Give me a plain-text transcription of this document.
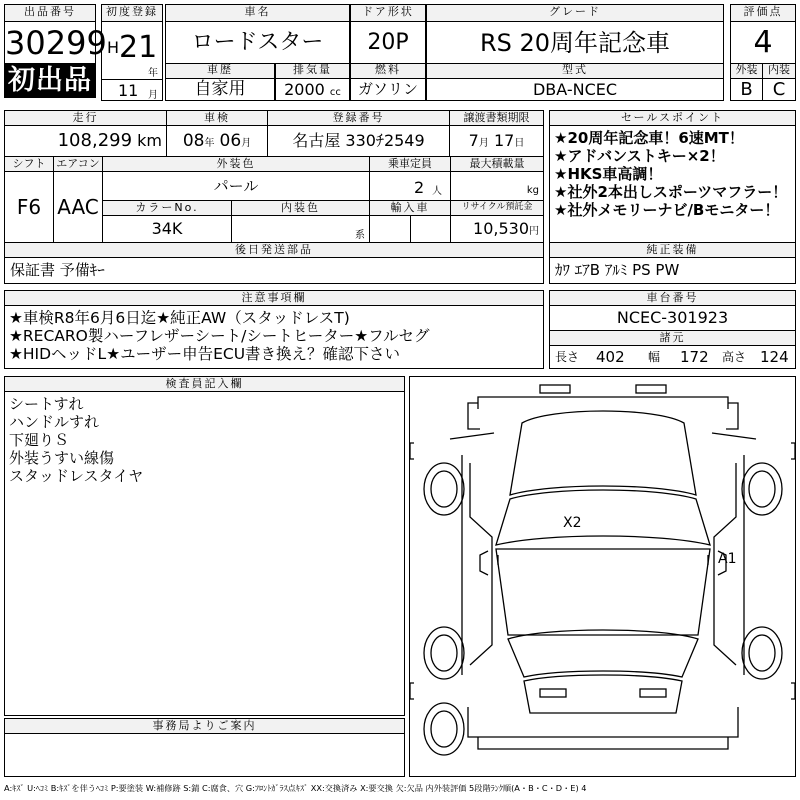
出品番号
30299
初出品
初度登録
H 21
年
11 月
車名
ロードスター
ドア形状
20P
グレード
RS 20周年記念車
評価点
4
車歴
自家用
排気量
2000 cc
燃料
ガソリン
型式
DBA-NCEC
外装 内装
B	C
走行
108,299 km
車検
08年 06月
登録番号
名古屋 330ﾁ2549
譲渡書類期限
7月 17日
シフト
F6
エアコン
AAC
外装色
パール
乗車定員
2 人
最大積載量
kg
カラーNo.
34K
内装色
系
輸入車	リサイクル預託金
10,530円
セールスポイント
★20周年記念車！6速MT！
★アドバンストキー×2！
★HKS車高調！
★社外2本出しスポーツマフラー！
★社外メモリーナビ/Bモニター！
後日発送部品
保証書 予備ｷｰ
純正装備
ｶﾜ ｴｱB ｱﾙﾐ PS PW
注意事項欄
★車検R8年6月6日迄★純正AW（スタッドレスT)
★RECARO製ハーフレザーシート/シートヒーター★フルセグ
★HIDヘッドL★ユーザー申告ECU書き換え？確認下さい
車台番号
NCEC-301923
諸元
長さ 402 幅 172 高さ 124
検査員記入欄
シートすれ
ハンドルすれ
下廻りＳ
外装うすい線傷
スタッドレスタイヤ
事務局よりご案内
X2
A1
A:ｷｽﾞ U:ﾍｺﾐ B:ｷｽﾞを伴うﾍｺﾐ P:要塗装 W:補修跡 S:錆 C:腐食、穴 G:ﾌﾛﾝﾄｶﾞﾗｽ点ｷｽﾞ XX:交換済み X:要交換 欠:欠品 内外装評価 5段階ﾗﾝｸ順(A・B・C・D・E) 4
